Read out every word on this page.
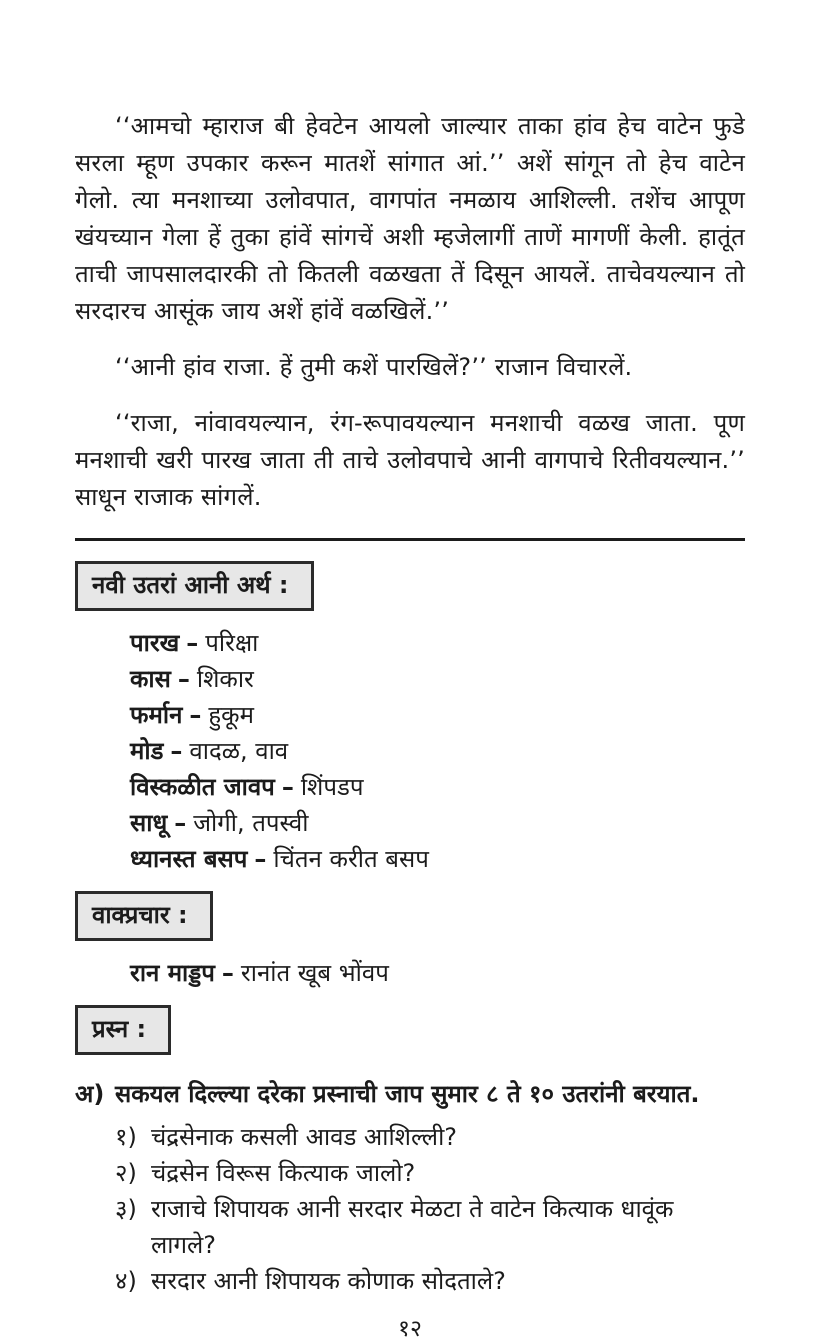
‘‘आमचो म्हाराज बी हेवटेन आयलो जाल्यार ताका हांव हेच वाटेन फुडे सरला म्हूण उपकार करून मातशें सांगात आं.’’ अशें सांगून तो हेच वाटेन गेलो. त्या मनशाच्या उलोवपात, वागपांत नमळाय आशिल्ली. तशेंच आपूण खंयच्यान गेला हें तुका हांवें सांगचें अशी म्हजेलागीं ताणें मागणीं केली. हातूंत ताची जापसालदारकी तो कितली वळखता तें दिसून आयलें. ताचेवयल्यान तो सरदारच आसूंक जाय अशें हांवें वळखिलें.’’

‘‘आनी हांव राजा. हें तुमी कशें पारखिलें?’’ राजान विचारलें.

‘‘राजा, नांवावयल्यान, रंग-रूपावयल्यान मनशाची वळख जाता. पूण मनशाची खरी पारख जाता ती ताचे उलोवपाचे आनी वागपाचे रितीवयल्यान.’’ साधून राजाक सांगलें.

नवी उतरां आनी अर्थ :
पारख – परिक्षा
कास – शिकार
फर्मान – हुकूम
मोड – वादळ, वाव
विस्कळीत जावप – शिंपडप
साधू – जोगी, तपस्वी
ध्यानस्त बसप – चिंतन करीत बसप
वाक्प्रचार :
रान माड्डप – रानांत खूब भोंवप
प्रस्न :
अ) सकयल दिल्ल्या दरेका प्रस्नाची जाप सुमार ८ ते १० उतरांनी बरयात.
१) चंद्रसेनाक कसली आवड आशिल्ली?
२) चंद्रसेन विरूस कित्याक जालो?
३) राजाचे शिपायक आनी सरदार मेळटा ते वाटेन कित्याक धावूंक लागले?
४) सरदार आनी शिपायक कोणाक सोदताले?
१२
